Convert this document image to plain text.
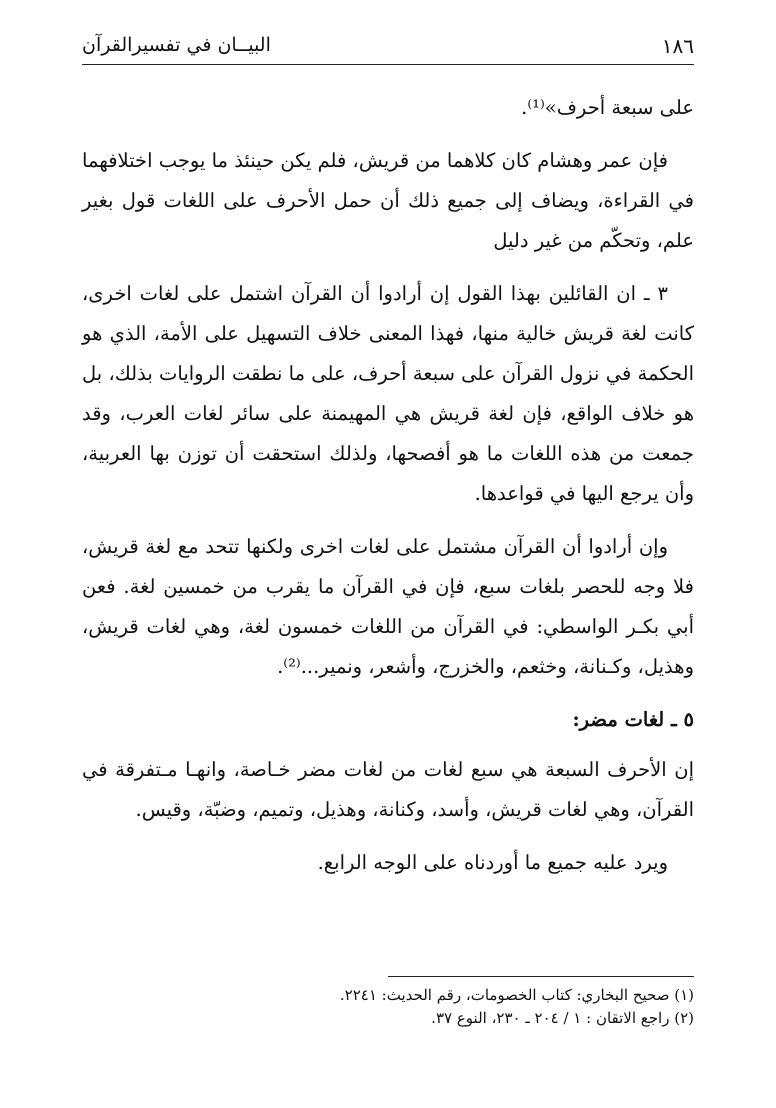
١٨٦
البيــان في تفسيرالقرآن

على سبعة أحرف»⁽¹⁾.

فإن عمر وهشام كان كلاهما من قريش، فلم يكن حينئذ ما يوجب اختلافهما في القراءة، ويضاف إلى جميع ذلك أن حمل الأحرف على اللغات قول بغير علم، وتحكّم من غير دليل

٣ ـ ان القائلين بهذا القول إن أرادوا أن القرآن اشتمل على لغات اخرى، كانت لغة قريش خالية منها، فهذا المعنى خلاف التسهيل على الأمة، الذي هو الحكمة في نزول القرآن على سبعة أحرف، على ما نطقت الروايات بذلك، بل هو خلاف الواقع، فإن لغة قريش هي المهيمنة على سائر لغات العرب، وقد جمعت من هذه اللغات ما هو أفصحها، ولذلك استحقت أن توزن بها العربية، وأن يرجع اليها في قواعدها.

وإن أرادوا أن القرآن مشتمل على لغات اخرى ولكنها تتحد مع لغة قريش، فلا وجه للحصر بلغات سبع، فإن في القرآن ما يقرب من خمسين لغة. فعن أبي بكـر الواسطي: في القرآن من اللغات خمسون لغة، وهي لغات قريش، وهذيل، وكـنانة، وخثعم، والخزرج، وأشعر، ونمير...⁽²⁾.

٥ ـ لغات مضر:

إن الأحرف السبعة هي سبع لغات من لغات مضر خـاصة، وانهـا مـتفرقة في القرآن، وهي لغات قريش، وأسد، وكنانة، وهذيل، وتميم، وضبّة، وقيس.

ويرد عليه جميع ما أوردناه على الوجه الرابع.

(١) صحيح البخاري: كتاب الخصومات، رقم الحديث: ٢٢٤١.
(٢) راجع الاتقان : ١ / ٢٠٤ ـ ٢٣٠، النوع ٣٧.
